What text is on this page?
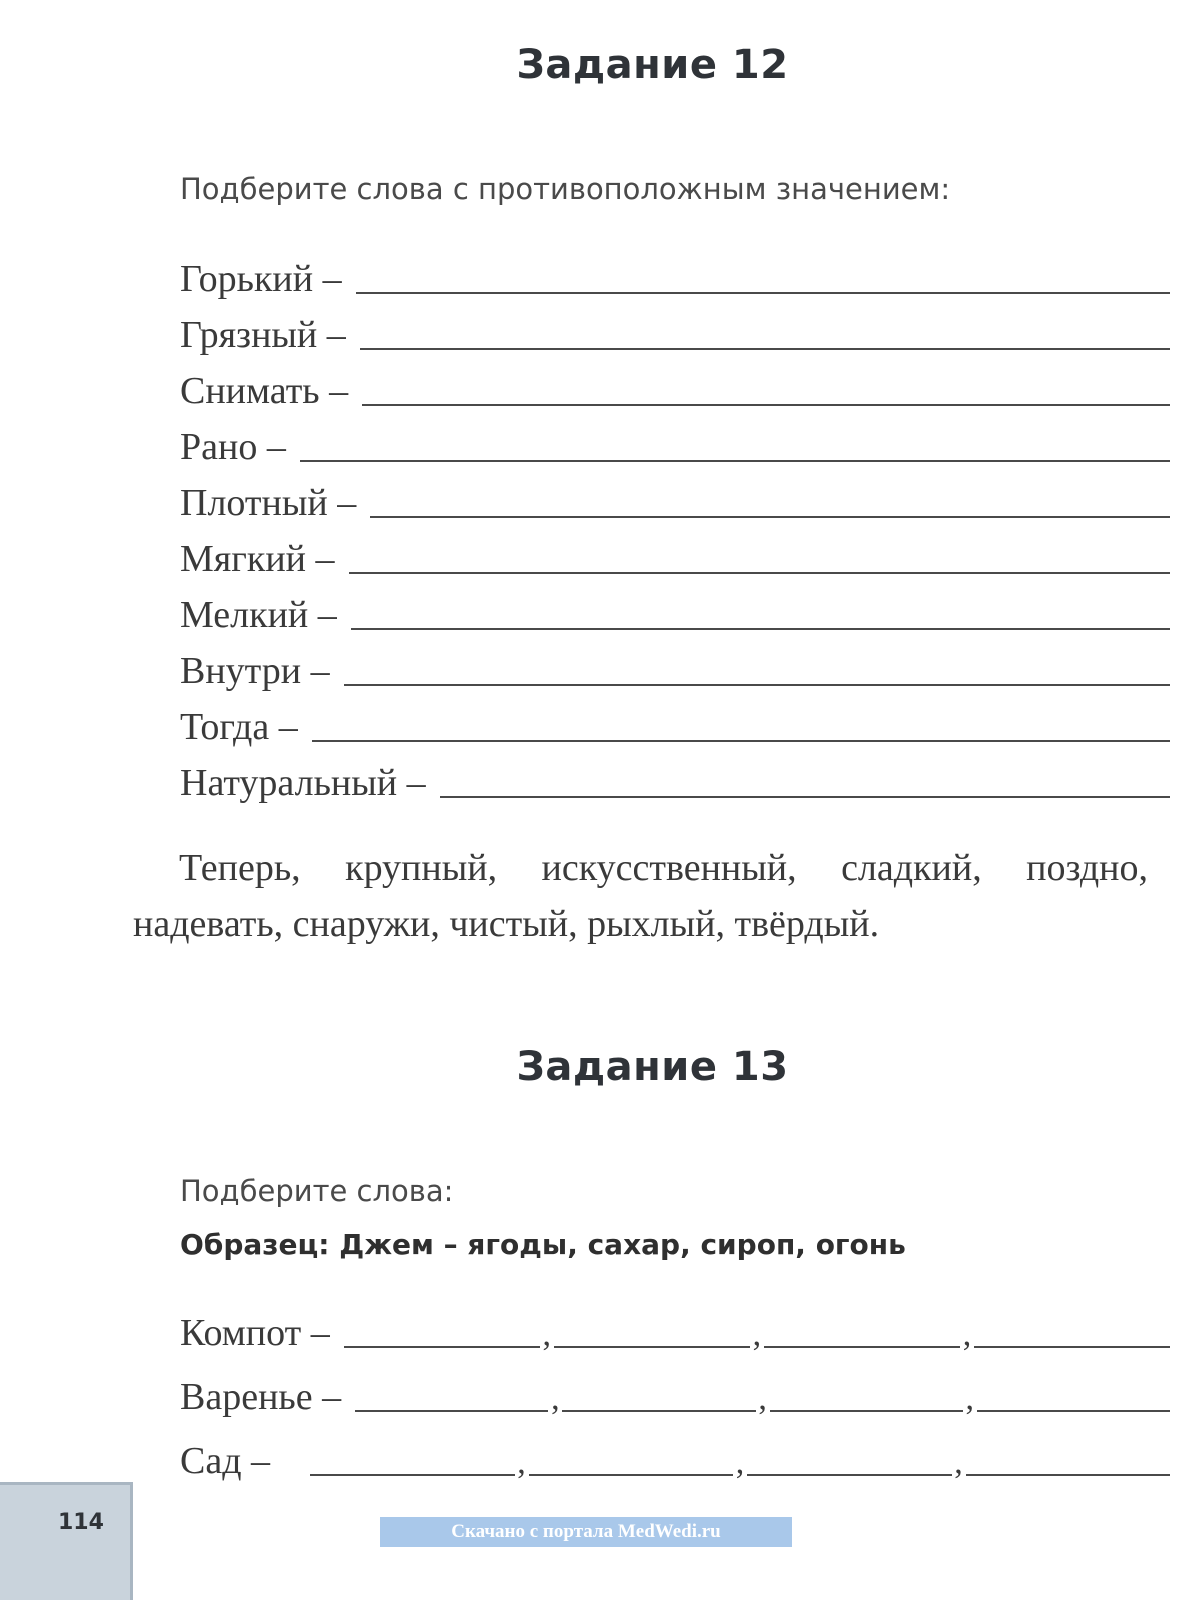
Задание 12
Подберите слова с противоположным значением:
Горький –
Грязный –
Снимать –
Рано –
Плотный –
Мягкий –
Мелкий –
Внутри –
Тогда –
Натуральный –
Теперь, крупный, искусственный, сладкий, поздно, надевать, снаружи, чистый, рыхлый, твёрдый.
Задание 13
Подберите слова:
Образец: Джем – ягоды, сахар, сироп, огонь
Компот –	,	,	,
Варенье –	,	,	,
Сад –	,	,	,
114	Скачано с портала MedWedi.ru
